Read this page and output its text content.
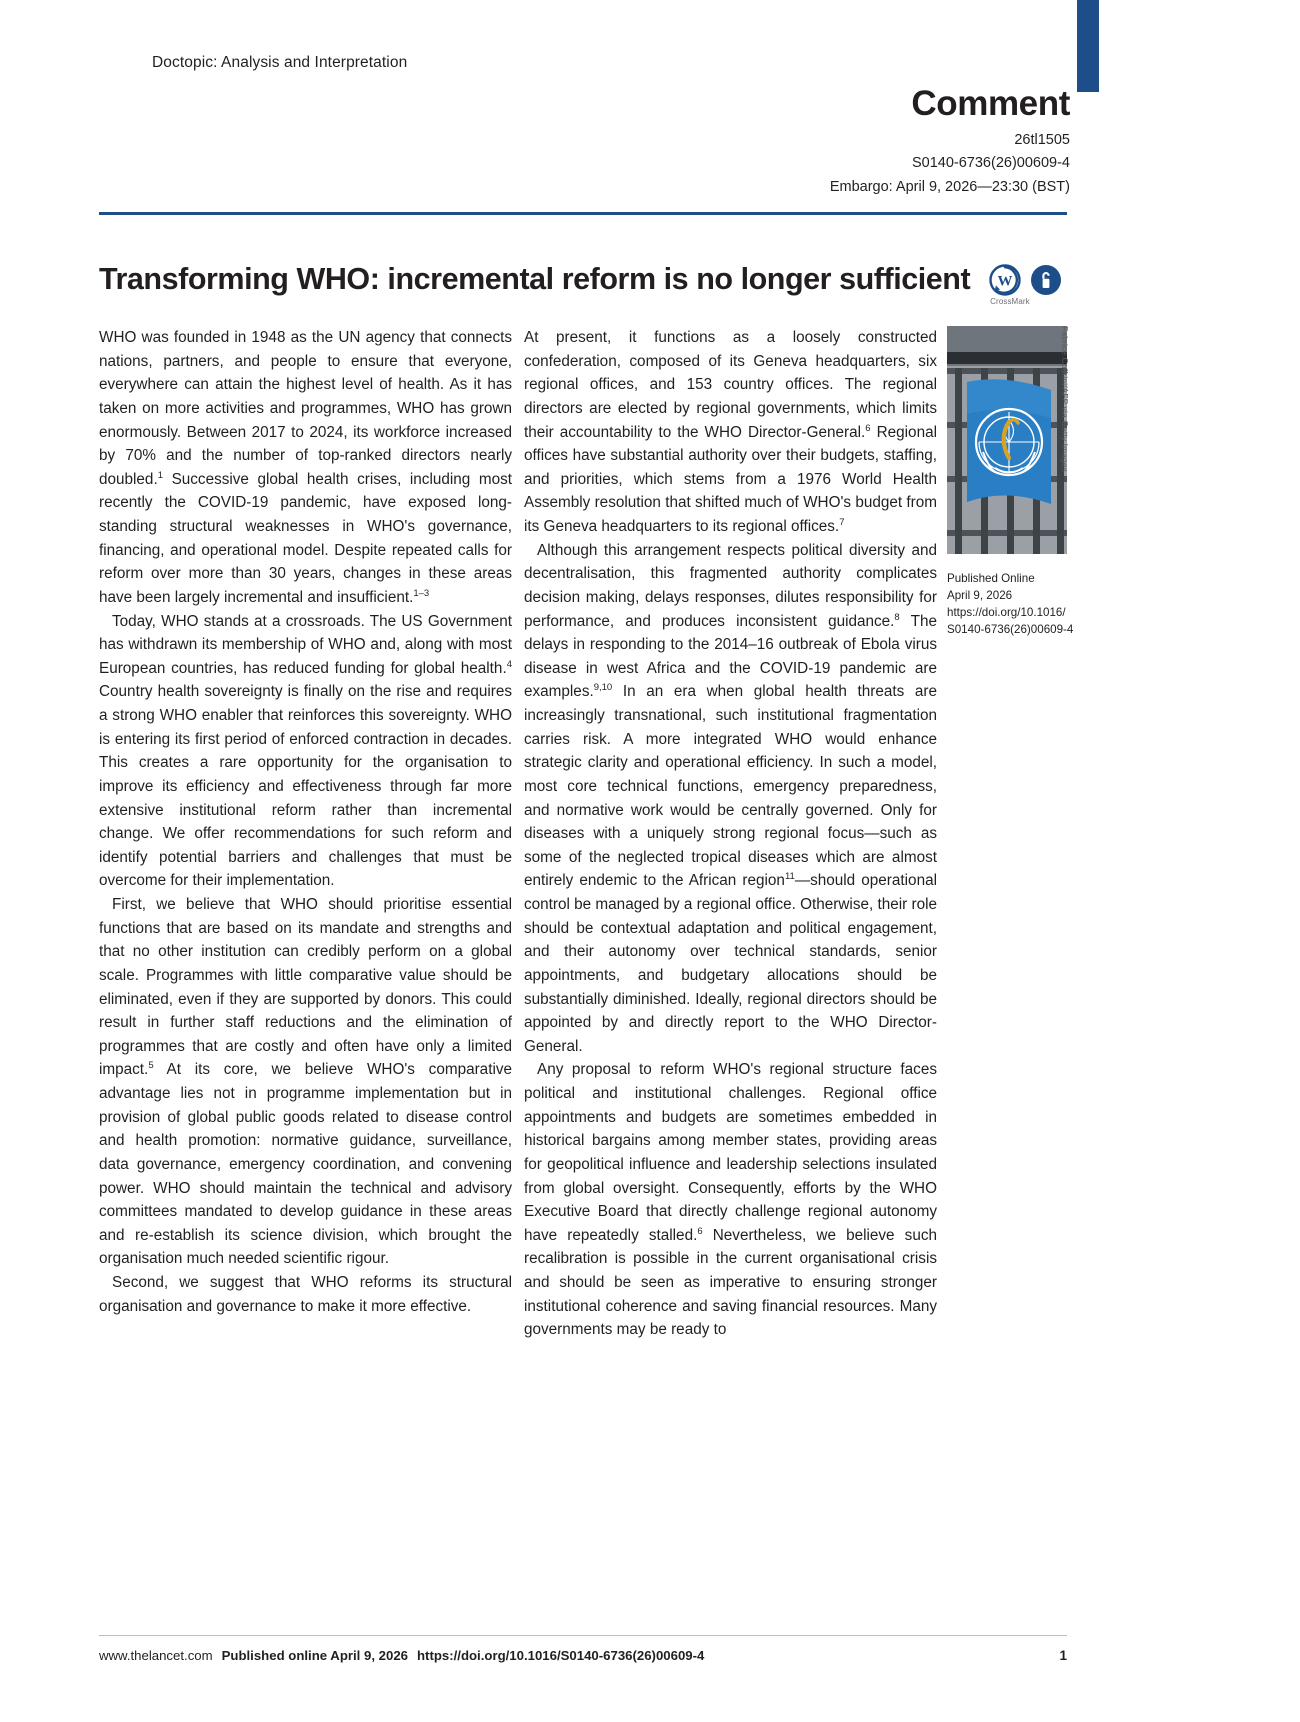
Doctopic: Analysis and Interpretation
Comment
26tl1505
S0140-6736(26)00609-4
Embargo: April 9, 2026—23:30 (BST)
Transforming WHO: incremental reform is no longer sufficient W
CrossMark

WHO was founded in 1948 as the UN agency that connects nations, partners, and people to ensure that everyone, everywhere can attain the highest level of health. As it has taken on more activities and programmes, WHO has grown enormously. Between 2017 to 2024, its workforce increased by 70% and the number of top-ranked directors nearly doubled.$^1$ Successive global health crises, including most recently the COVID-19 pandemic, have exposed long-standing structural weaknesses in WHO's governance, financing, and operational model. Despite repeated calls for reform over more than 30 years, changes in these areas have been largely incremental and insufficient.$^{1-3}$

Today, WHO stands at a crossroads. The US Government has withdrawn its membership of WHO and, along with most European countries, has reduced funding for global health.$^4$ Country health sovereignty is finally on the rise and requires a strong WHO enabler that reinforces this sovereignty. WHO is entering its first period of enforced contraction in decades. This creates a rare opportunity for the organisation to improve its efficiency and effectiveness through far more extensive institutional reform rather than incremental change. We offer recommendations for such reform and identify potential barriers and challenges that must be overcome for their implementation.

First, we believe that WHO should prioritise essential functions that are based on its mandate and strengths and that no other institution can credibly perform on a global scale. Programmes with little comparative value should be eliminated, even if they are supported by donors. This could result in further staff reductions and the elimination of programmes that are costly and often have only a limited impact.$^5$ At its core, we believe WHO's comparative advantage lies not in programme implementation but in provision of global public goods related to disease control and health promotion: normative guidance, surveillance, data governance, emergency coordination, and convening power. WHO should maintain the technical and advisory committees mandated to develop guidance in these areas and re-establish its science division, which brought the organisation much needed scientific rigour.

Second, we suggest that WHO reforms its structural organisation and governance to make it more effective.

At present, it functions as a loosely constructed confederation, composed of its Geneva headquarters, six regional offices, and 153 country offices. The regional directors are elected by regional governments, which limits their accountability to the WHO Director-General.$^6$ Regional offices have substantial authority over their budgets, staffing, and priorities, which stems from a 1976 World Health Assembly resolution that shifted much of WHO's budget from its Geneva headquarters to its regional offices.$^7$

Although this arrangement respects political diversity and decentralisation, this fragmented authority complicates decision making, delays responses, dilutes responsibility for performance, and produces inconsistent guidance.$^8$ The delays in responding to the 2014–16 outbreak of Ebola virus disease in west Africa and the COVID-19 pandemic are examples.$^{9,10}$ In an era when global health threats are increasingly transnational, such institutional fragmentation carries risk. A more integrated WHO would enhance strategic clarity and operational efficiency. In such a model, most core technical functions, emergency preparedness, and normative work would be centrally governed. Only for diseases with a uniquely strong regional focus—such as some of the neglected tropical diseases which are almost entirely endemic to the African region$^{11}$—should operational control be managed by a regional office. Otherwise, their role should be contextual adaptation and political engagement, and their autonomy over technical standards, senior appointments, and budgetary allocations should be substantially diminished. Ideally, regional directors should be appointed by and directly report to the WHO Director-General.

Any proposal to reform WHO's regional structure faces political and institutional challenges. Regional office appointments and budgets are sometimes embedded in historical bargains among member states, providing areas for geopolitical influence and leadership selections insulated from global oversight. Consequently, efforts by the WHO Executive Board that directly challenge regional autonomy have repeatedly stalled.$^6$ Nevertheless, we believe such recalibration is possible in the current organisational crisis and should be seen as imperative to ensuring stronger institutional coherence and saving financial resources. Many governments may be ready to

Fabrice Coffrini/AFP via Getty Images
Published Online
April 9, 2026
https://doi.org/10.1016/
S0140-6736(26)00609-4
www.thelancet.com Published online April 9, 2026 https://doi.org/10.1016/S0140-6736(26)00609-4	1
